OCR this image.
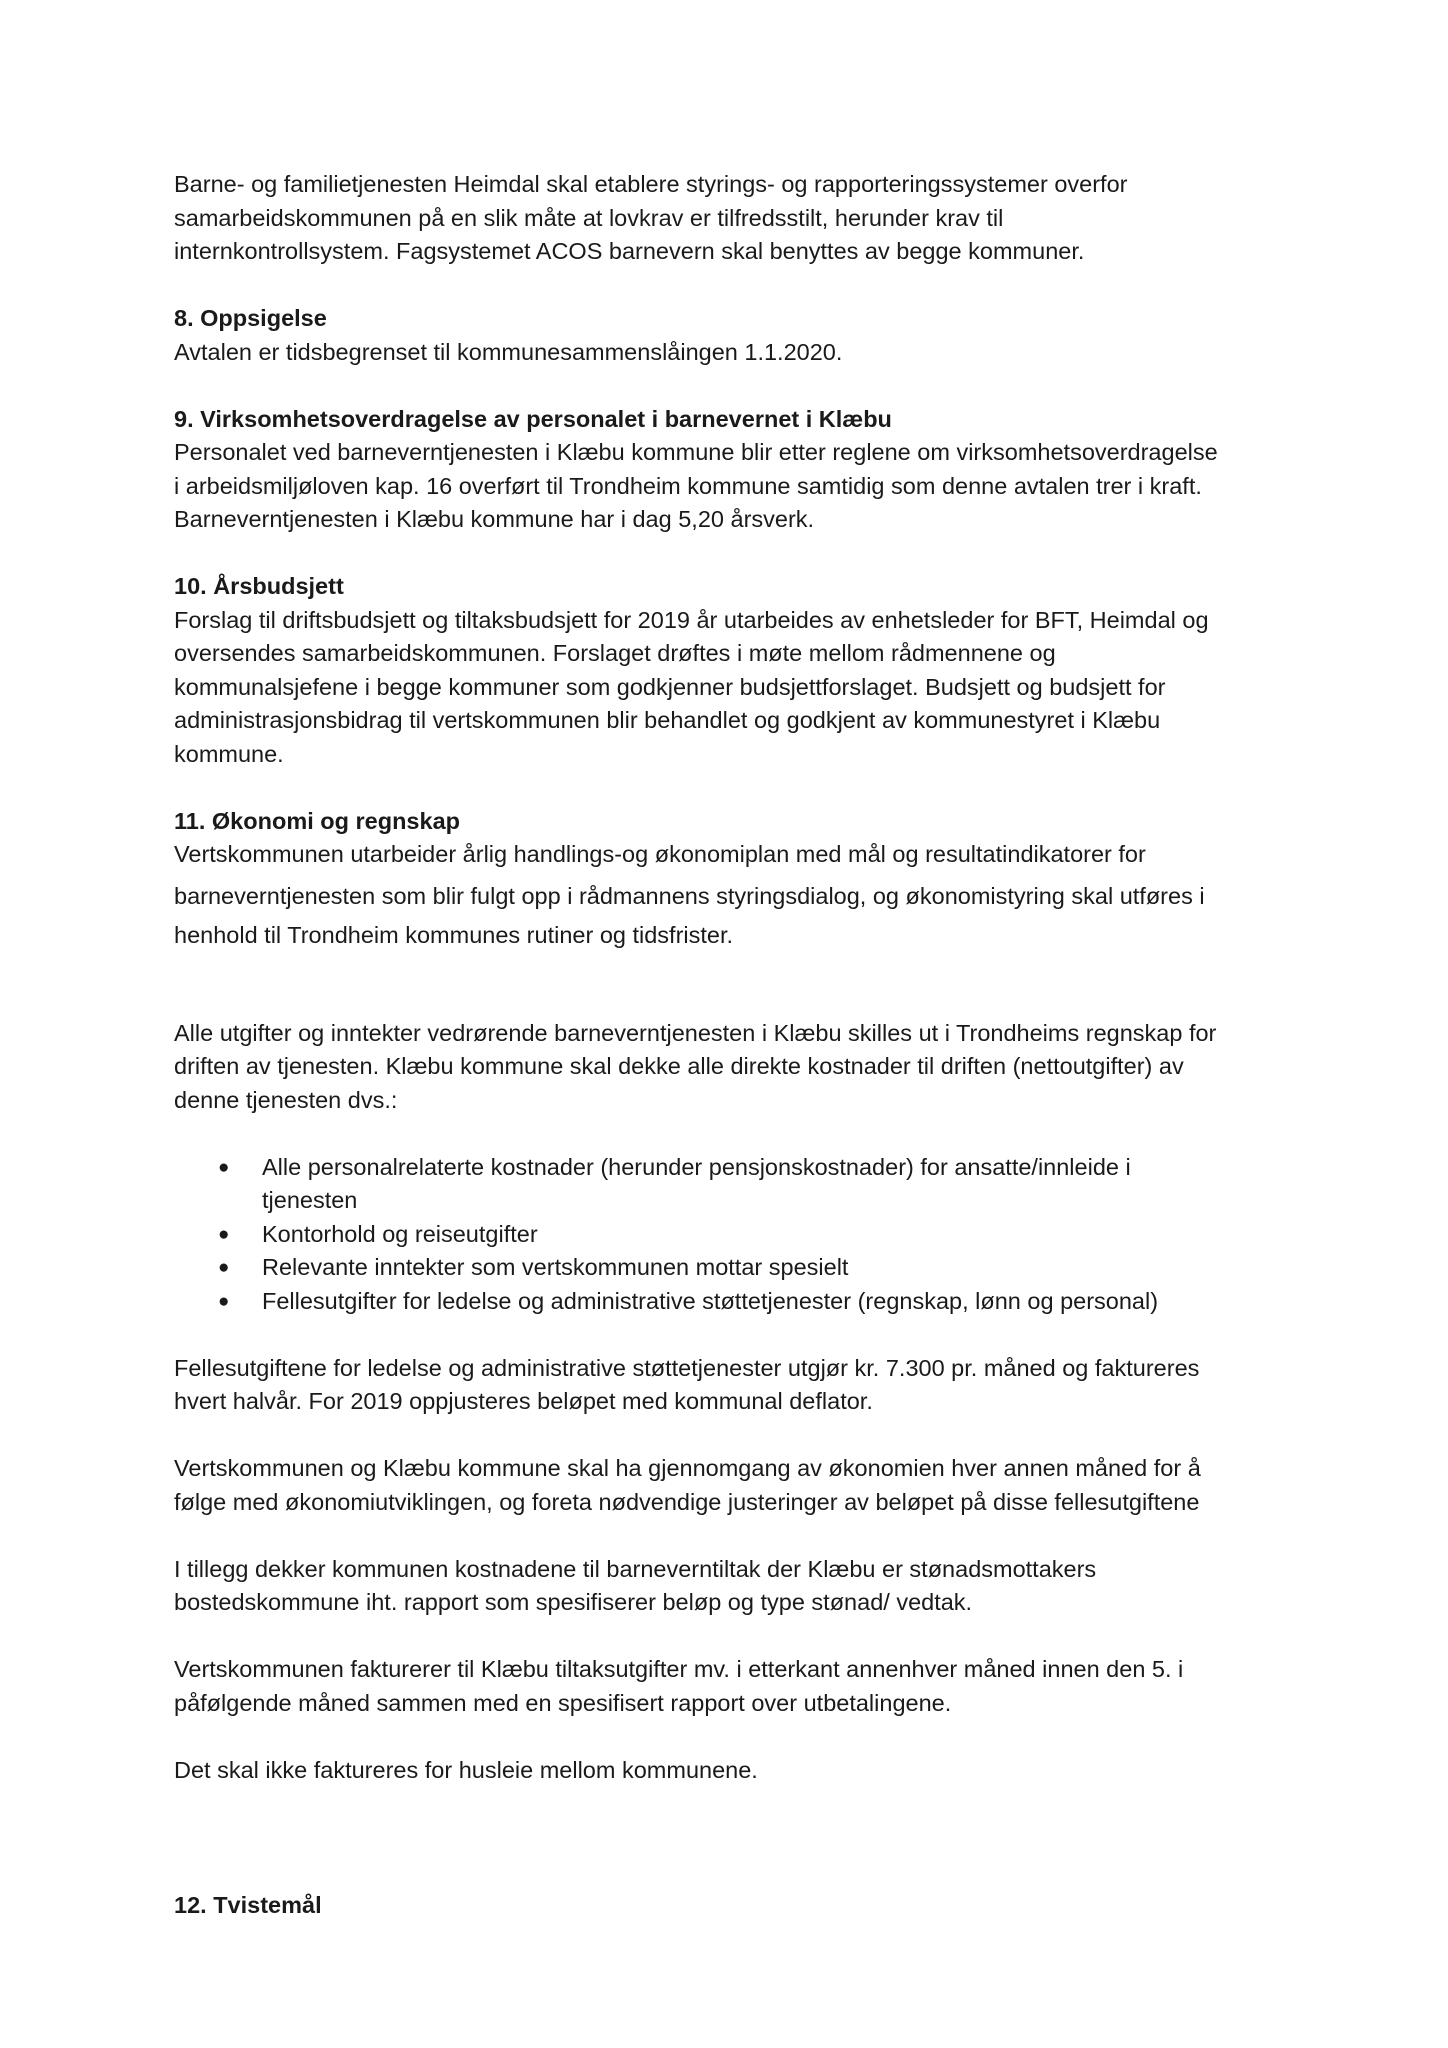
Barne- og familietjenesten Heimdal skal etablere styrings- og rapporteringssystemer overfor

samarbeidskommunen på en slik måte at lovkrav er tilfredsstilt, herunder krav til

internkontrollsystem. Fagsystemet ACOS barnevern skal benyttes av begge kommuner.

8. Oppsigelse

Avtalen er tidsbegrenset til kommunesammenslåingen 1.1.2020.

9. Virksomhetsoverdragelse av personalet i barnevernet i Klæbu

Personalet ved barneverntjenesten i Klæbu kommune blir etter reglene om virksomhetsoverdragelse

i arbeidsmiljøloven kap. 16 overført til Trondheim kommune samtidig som denne avtalen trer i kraft.

Barneverntjenesten i Klæbu kommune har i dag 5,20 årsverk.

10. Årsbudsjett

Forslag til driftsbudsjett og tiltaksbudsjett for 2019 år utarbeides av enhetsleder for BFT, Heimdal og

oversendes samarbeidskommunen. Forslaget drøftes i møte mellom rådmennene og

kommunalsjefene i begge kommuner som godkjenner budsjettforslaget. Budsjett og budsjett for

administrasjonsbidrag til vertskommunen blir behandlet og godkjent av kommunestyret i Klæbu

kommune.

11. Økonomi og regnskap

Vertskommunen utarbeider årlig handlings-og økonomiplan med mål og resultatindikatorer for

barneverntjenesten som blir fulgt opp i rådmannens styringsdialog, og økonomistyring skal utføres i

henhold til Trondheim kommunes rutiner og tidsfrister.

Alle utgifter og inntekter vedrørende barneverntjenesten i Klæbu skilles ut i Trondheims regnskap for

driften av tjenesten. Klæbu kommune skal dekke alle direkte kostnader til driften (nettoutgifter) av

denne tjenesten dvs.:

● Alle personalrelaterte kostnader (herunder pensjonskostnader) for ansatte/innleide i

tjenesten

● Kontorhold og reiseutgifter

● Relevante inntekter som vertskommunen mottar spesielt

● Fellesutgifter for ledelse og administrative støttetjenester (regnskap, lønn og personal)

Fellesutgiftene for ledelse og administrative støttetjenester utgjør kr. 7.300 pr. måned og faktureres

hvert halvår. For 2019 oppjusteres beløpet med kommunal deflator.

Vertskommunen og Klæbu kommune skal ha gjennomgang av økonomien hver annen måned for å

følge med økonomiutviklingen, og foreta nødvendige justeringer av beløpet på disse fellesutgiftene

I tillegg dekker kommunen kostnadene til barneverntiltak der Klæbu er stønadsmottakers

bostedskommune iht. rapport som spesifiserer beløp og type stønad/ vedtak.

Vertskommunen fakturerer til Klæbu tiltaksutgifter mv. i etterkant annenhver måned innen den 5. i

påfølgende måned sammen med en spesifisert rapport over utbetalingene.

Det skal ikke faktureres for husleie mellom kommunene.

12. Tvistemål
